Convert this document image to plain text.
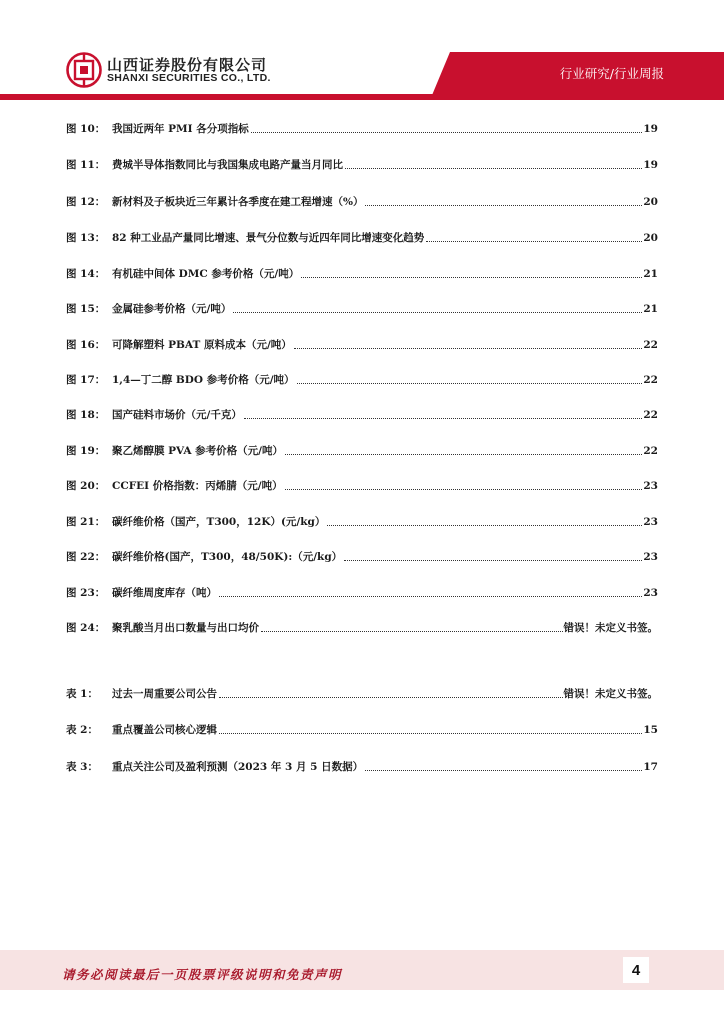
山西证券股份有限公司
SHANXI SECURITIES CO., LTD.	行业研究/行业周报
图 10： 我国近两年 PMI 各分项指标	19
图 11： 费城半导体指数同比与我国集成电路产量当月同比	19
图 12： 新材料及子板块近三年累计各季度在建工程增速（%）	20
图 13： 82 种工业品产量同比增速、景气分位数与近四年同比增速变化趋势	20
图 14： 有机硅中间体 DMC 参考价格（元/吨）	21
图 15： 金属硅参考价格（元/吨）	21
图 16： 可降解塑料 PBAT 原料成本（元/吨）	22
图 17： 1,4—丁二醇 BDO 参考价格（元/吨）	22
图 18： 国产硅料市场价（元/千克）	22
图 19： 聚乙烯醇膜 PVA 参考价格（元/吨）	22
图 20： CCFEI 价格指数：丙烯腈（元/吨）	23
图 21： 碳纤维价格（国产，T300，12K）(元/kg）	23
图 22： 碳纤维价格(国产，T300，48/50K):（元/kg）	23
图 23： 碳纤维周度库存（吨）	23
图 24： 聚乳酸当月出口数量与出口均价	错误！未定义书签。
表 1：	过去一周重要公司公告	错误！未定义书签。
表 2：	重点覆盖公司核心逻辑	15
表 3：	重点关注公司及盈利预测（2023 年 3 月 5 日数据）	17
请务必阅读最后一页股票评级说明和免责声明	4
